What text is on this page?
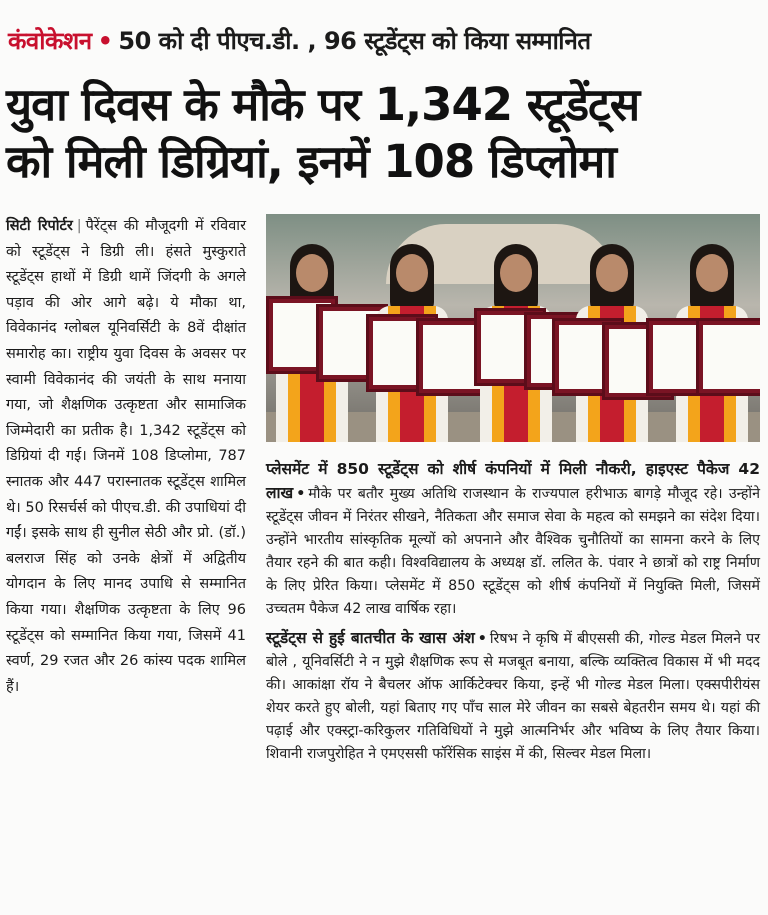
कंवोकेशन • 50 को दी पीएच.डी. , 96 स्टूडेंट्स को किया सम्मानित
युवा दिवस के मौके पर 1,342 स्टूडेंट्स
को मिली डिग्रियां, इनमें 108 डिप्लोमा
सिटी रिपोर्टर | पैरेंट्स की मौजूदगी में रविवार को स्टूडेंट्स ने डिग्री ली। हंसते मुस्कुराते स्टूडेंट्स हाथों में डिग्री थामें जिंदगी के अगले पड़ाव की ओर आगे बढ़े। ये मौका था, विवेकानंद ग्लोबल यूनिवर्सिटी के 8वें दीक्षांत समारोह का। राष्ट्रीय युवा दिवस के अवसर पर स्वामी विवेकानंद की जयंती के साथ मनाया गया, जो शैक्षणिक उत्कृष्टता और सामाजिक जिम्मेदारी का प्रतीक है। 1,342 स्टूडेंट्स को डिग्रियां दी गई। जिनमें 108 डिप्लोमा, 787 स्नातक और 447 परास्नातक स्टूडेंट्स शामिल थे। 50 रिसर्चर्स को पीएच.डी. की उपाधियां दी गईं। इसके साथ ही सुनील सेठी और प्रो. (डॉ.) बलराज सिंह को उनके क्षेत्रों में अद्वितीय योगदान के लिए मानद उपाधि से सम्मानित किया गया। शैक्षणिक उत्कृष्टता के लिए 96 स्टूडेंट्स को सम्मानित किया गया, जिसमें 41 स्वर्ण, 29 रजत और 26 कांस्य पदक शामिल हैं।

प्लेसमेंट में 850 स्टूडेंट्स को शीर्ष कंपनियों में मिली नौकरी, हाइएस्ट पैकेज 42 लाख • मौके पर बतौर मुख्य अतिथि राजस्थान के राज्यपाल हरीभाऊ बागड़े मौजूद रहे। उन्होंने स्टूडेंट्स जीवन में निरंतर सीखने, नैतिकता और समाज सेवा के महत्व को समझने का संदेश दिया। उन्होंने भारतीय सांस्कृतिक मूल्यों को अपनाने और वैश्विक चुनौतियों का सामना करने के लिए तैयार रहने की बात कही। विश्वविद्यालय के अध्यक्ष डॉ. ललित के. पंवार ने छात्रों को राष्ट्र निर्माण के लिए प्रेरित किया। प्लेसमेंट में 850 स्टूडेंट्स को शीर्ष कंपनियों में नियुक्ति मिली, जिसमें उच्चतम पैकेज 42 लाख वार्षिक रहा।

स्टूडेंट्स से हुई बातचीत के खास अंश • रिषभ ने कृषि में बीएससी की, गोल्ड मेडल मिलने पर बोले , यूनिवर्सिटी ने न मुझे शैक्षणिक रूप से मजबूत बनाया, बल्कि व्यक्तित्व विकास में भी मदद की। आकांक्षा रॉय ने बैचलर ऑफ आर्किटेक्चर किया, इन्हें भी गोल्ड मेडल मिला। एक्सपीरीयंस शेयर करते हुए बोली, यहां बिताए गए पाँच साल मेरे जीवन का सबसे बेहतरीन समय थे। यहां की पढ़ाई और एक्स्ट्रा-करिकुलर गतिविधियों ने मुझे आत्मनिर्भर और भविष्य के लिए तैयार किया। शिवानी राजपुरोहित ने एमएससी फॉरेंसिक साइंस में की, सिल्वर मेडल मिला।
